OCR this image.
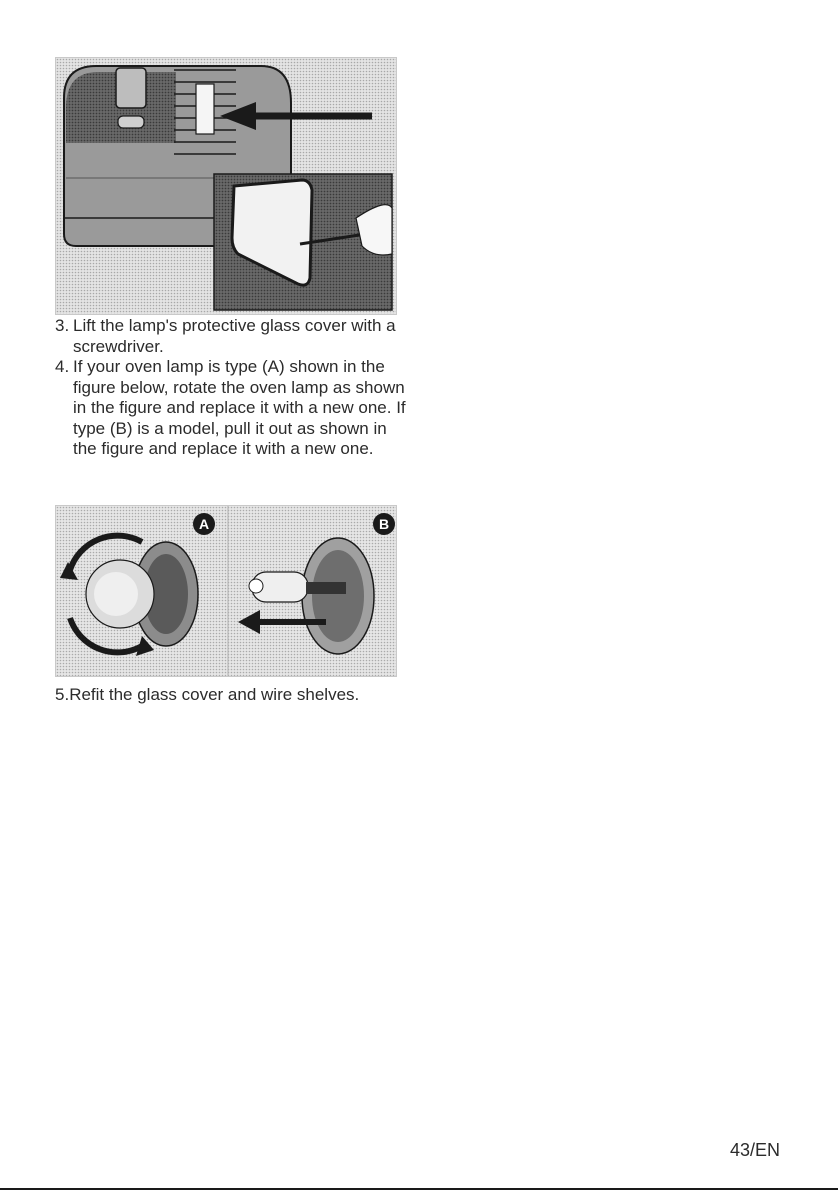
3. Lift the lamp's protective glass cover with a screwdriver.
4. If your oven lamp is type (A) shown in the figure below, rotate the oven lamp as shown in the figure and replace it with a new one. If type (B) is a model, pull it out as shown in the figure and replace it with a new one.
A	B
5.Refit the glass cover and wire shelves.
43/EN
